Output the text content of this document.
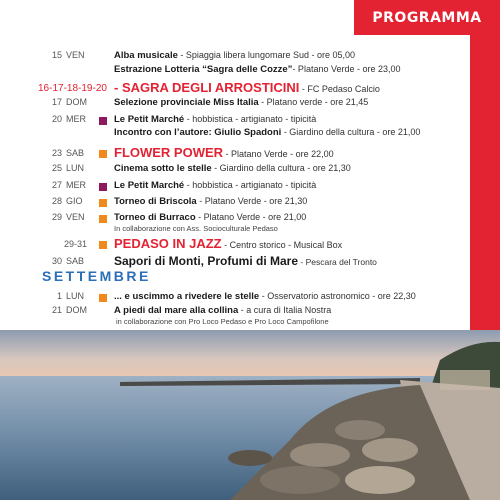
PROGRAMMA
15 VEN	Alba musicale - Spiaggia libera lungomare Sud - ore 05,00
Estrazione Lotteria “Sagra delle Cozze”- Platano Verde - ore 23,00
16-17-18-19-20 - SAGRA DEGLI ARROSTICINI - FC Pedaso Calcio
17 DOM	Selezione provinciale Miss Italia - Platano verde - ore 21,45
20 MER	Le Petit Marché - hobbistica - artigianato - tipicità
Incontro con l’autore: Giulio Spadoni - Giardino della cultura - ore 21,00
23 SAB FLOWER POWER - Platano Verde - ore 22,00
25 LUN	Cinema sotto le stelle - Giardino della cultura - ore 21,30
27 MER	Le Petit Marché - hobbistica - artigianato - tipicità
28 GIO	Torneo di Briscola - Platano Verde - ore 21,30
29 VEN	Torneo di Burraco - Platano Verde - ore 21,00
In collaborazione con Ass. Socioculturale Pedaso
29-31 PEDASO IN JAZZ - Centro storico - Musical Box
30 SAB Sapori di Monti, Profumi di Mare - Pescara del Tronto
SETTEMBRE
1 LUN	... e uscimmo a rivedere le stelle - Osservatorio astronomico - ore 22,30
21 DOM	A piedi dal mare alla collina - a cura di Italia Nostra
in collaborazione con Pro Loco Pedaso e Pro Loco Campofilone
